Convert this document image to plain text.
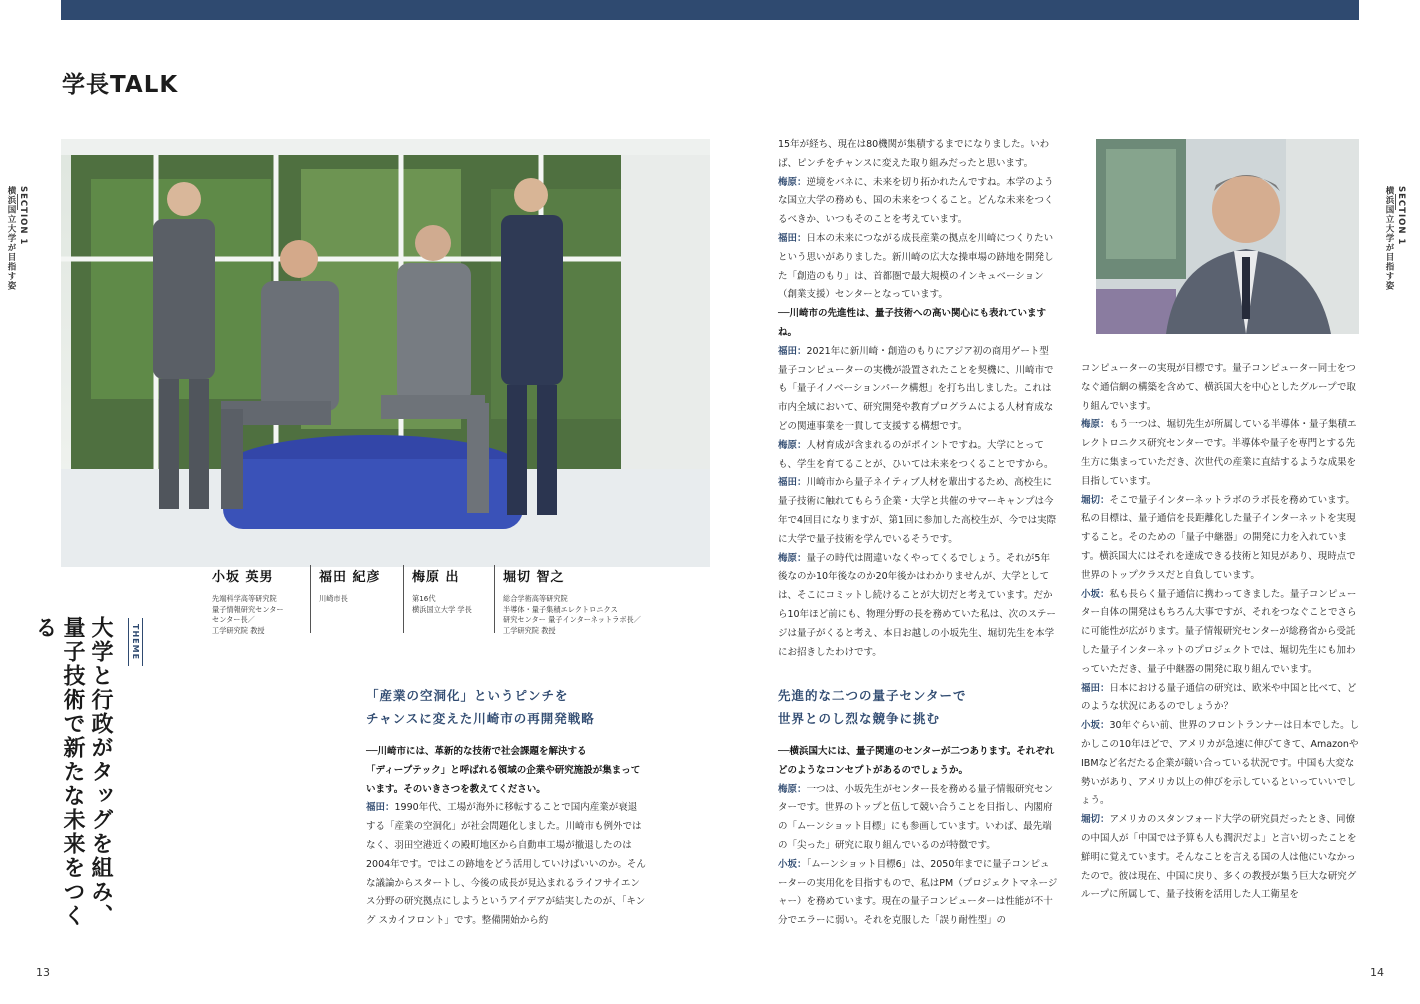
学長TALK
SECTION 1
横浜国立大学が目指す姿	SECTION 1
横浜国立大学が目指す姿
小坂 英男
先端科学高等研究院
量子情報研究センター
センター長／
工学研究院 教授
福田 紀彦
川崎市長
梅原 出
第16代
横浜国立大学 学長
堀切 智之
総合学術高等研究院
半導体・量子集積エレクトロニクス
研究センター 量子インターネットラボ長／
工学研究院 教授
THEME
大学と行政がタッグを組み、量子技術で新たな未来をつくる
「産業の空洞化」というピンチを
チャンスに変えた川崎市の再開発戦略
先進的な二つの量子センターで
世界とのし烈な競争に挑む

──川崎市には、革新的な技術で社会課題を解決する
「ディープテック」と呼ばれる領域の企業や研究施設が集まっています。そのいきさつを教えてください。

福田：1990年代、工場が海外に移転することで国内産業が衰退する「産業の空洞化」が社会問題化しました。川崎市も例外ではなく、羽田空港近くの殿町地区から自動車工場が撤退したのは2004年です。ではこの跡地をどう活用していけばいいのか。そんな議論からスタートし、今後の成長が見込まれるライフサイエンス分野の研究拠点にしようというアイデアが結実したのが、「キング スカイフロント」です。整備開始から約

15年が経ち、現在は80機関が集積するまでになりました。いわば、ピンチをチャンスに変えた取り組みだったと思います。

梅原：逆境をバネに、未来を切り拓かれたんですね。本学のような国立大学の務めも、国の未来をつくること。どんな未来をつくるべきか、いつもそのことを考えています。

福田：日本の未来につながる成長産業の拠点を川崎につくりたいという思いがありました。新川崎の広大な操車場の跡地を開発した「創造のもり」は、首都圏で最大規模のインキュベーション（創業支援）センターとなっています。

──川崎市の先進性は、量子技術への高い関心にも表れていますね。

福田：2021年に新川崎・創造のもりにアジア初の商用ゲート型量子コンピューターの実機が設置されたことを契機に、川崎市でも「量子イノベーションパーク構想」を打ち出しました。これは市内全域において、研究開発や教育プログラムによる人材育成などの関連事業を一貫して支援する構想です。

梅原：人材育成が含まれるのがポイントですね。大学にとっても、学生を育てることが、ひいては未来をつくることですから。

福田：川崎市から量子ネイティブ人材を輩出するため、高校生に量子技術に触れてもらう企業・大学と共催のサマーキャンプは今年で4回目になりますが、第1回に参加した高校生が、今では実際に大学で量子技術を学んでいるそうです。

梅原：量子の時代は間違いなくやってくるでしょう。それが5年後なのか10年後なのか20年後かはわかりませんが、大学としては、そこにコミットし続けることが大切だと考えています。だから10年ほど前にも、物理分野の長を務めていた私は、次のステージは量子がくると考え、本日お越しの小坂先生、堀切先生を本学にお招きしたわけです。

──横浜国大には、量子関連のセンターが二つあります。それぞれどのようなコンセプトがあるのでしょうか。

梅原：一つは、小坂先生がセンター長を務める量子情報研究センターです。世界のトップと伍して競い合うことを目指し、内閣府の「ムーンショット目標」にも参画しています。いわば、最先端の「尖った」研究に取り組んでいるのが特徴です。

小坂：「ムーンショット目標6」は、2050年までに量子コンピューターの実用化を目指すもので、私はPM（プロジェクトマネージャー）を務めています。現在の量子コンピューターは性能が不十分でエラーに弱い。それを克服した「誤り耐性型」の

コンピューターの実現が目標です。量子コンピューター同士をつなぐ通信網の構築を含めて、横浜国大を中心としたグループで取り組んでいます。

梅原：もう一つは、堀切先生が所属している半導体・量子集積エレクトロニクス研究センターです。半導体や量子を専門とする先生方に集まっていただき、次世代の産業に直結するような成果を目指しています。

堀切：そこで量子インターネットラボのラボ長を務めています。私の目標は、量子通信を長距離化した量子インターネットを実現すること。そのための「量子中継器」の開発に力を入れています。横浜国大にはそれを達成できる技術と知見があり、現時点で世界のトップクラスだと自負しています。

小坂：私も長らく量子通信に携わってきました。量子コンピューター自体の開発はもちろん大事ですが、それをつなぐことでさらに可能性が広がります。量子情報研究センターが総務省から受託した量子インターネットのプロジェクトでは、堀切先生にも加わっていただき、量子中継器の開発に取り組んでいます。

福田：日本における量子通信の研究は、欧米や中国と比べて、どのような状況にあるのでしょうか？

小坂：30年ぐらい前、世界のフロントランナーは日本でした。しかしこの10年ほどで、アメリカが急速に伸びてきて、AmazonやIBMなど名だたる企業が競い合っている状況です。中国も大変な勢いがあり、アメリカ以上の伸びを示しているといっていいでしょう。

堀切：アメリカのスタンフォード大学の研究員だったとき、同僚の中国人が「中国では予算も人も潤沢だよ」と言い切ったことを鮮明に覚えています。そんなことを言える国の人は他にいなかったので。彼は現在、中国に戻り、多くの教授が集う巨大な研究グループに所属して、量子技術を活用した人工衛星を

13	14
